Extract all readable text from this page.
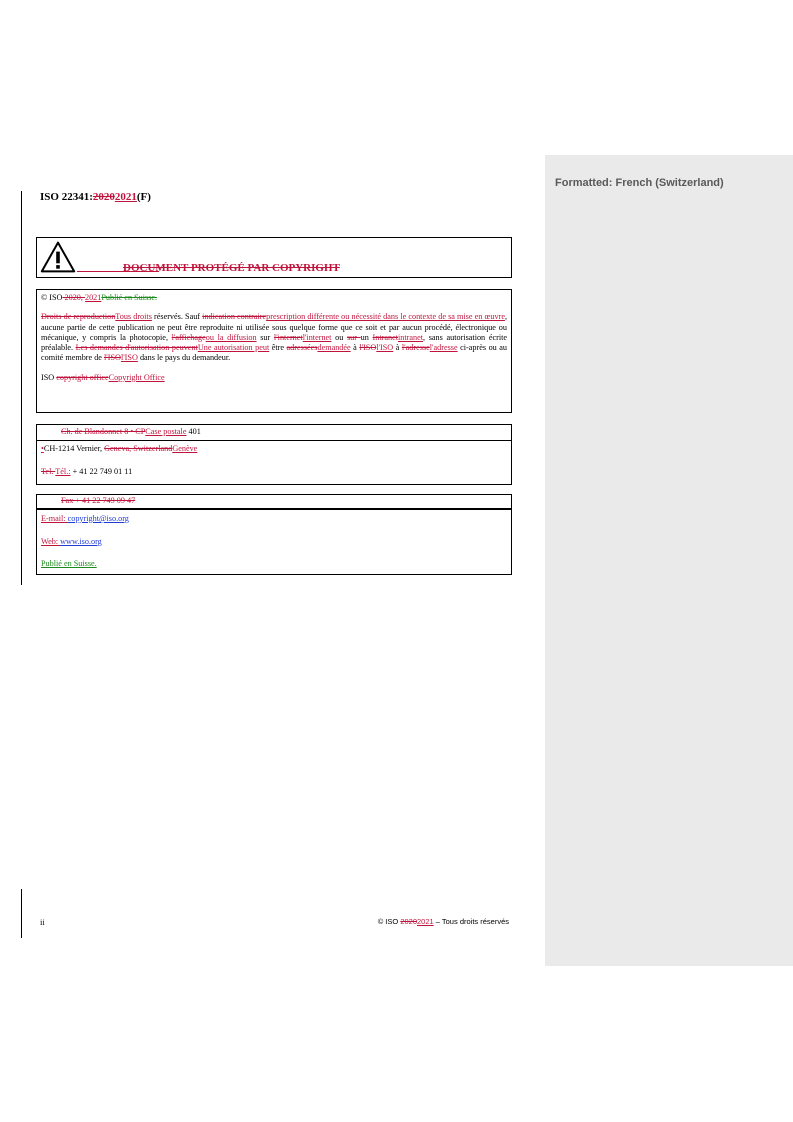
Formatted: French (Switzerland)
ISO 22341:20202021(F)
DOCUMENT PROTÉGÉ PAR COPYRIGHT

© ISO 2020, 2021Publié en Suisse.

Droits de reproductionTous droits réservés. Sauf indication contraireprescription différente ou nécessité dans le contexte de sa mise en œuvre, aucune partie de cette publication ne peut être reproduite ni utilisée sous quelque forme que ce soit et par aucun procédé, électronique ou mécanique, y compris la photocopie, l'affichageou la diffusion sur l'internetl'internet ou sur un Intranetintranet, sans autorisation écrite préalable. Les demandes d'autorisation peuventUne autorisation peut être adresséesdemandée à l'ISOl'ISO à l'adressel'adresse ci-après ou au comité membre de l'ISOl'ISO dans le pays du demandeur.

ISO copyright officeCopyright Office

Ch. de Blandonnet 8 • CPCase postale 401
•CH-1214 Vernier, Geneva, SwitzerlandGenève
Tel. Tél.: + 41 22 749 01 11
Fax + 41 22 749 09 47
E-mail: copyright@iso.org
Web: www.iso.org
Publié en Suisse.
ii	© ISO 20202021 – Tous droits réservés
